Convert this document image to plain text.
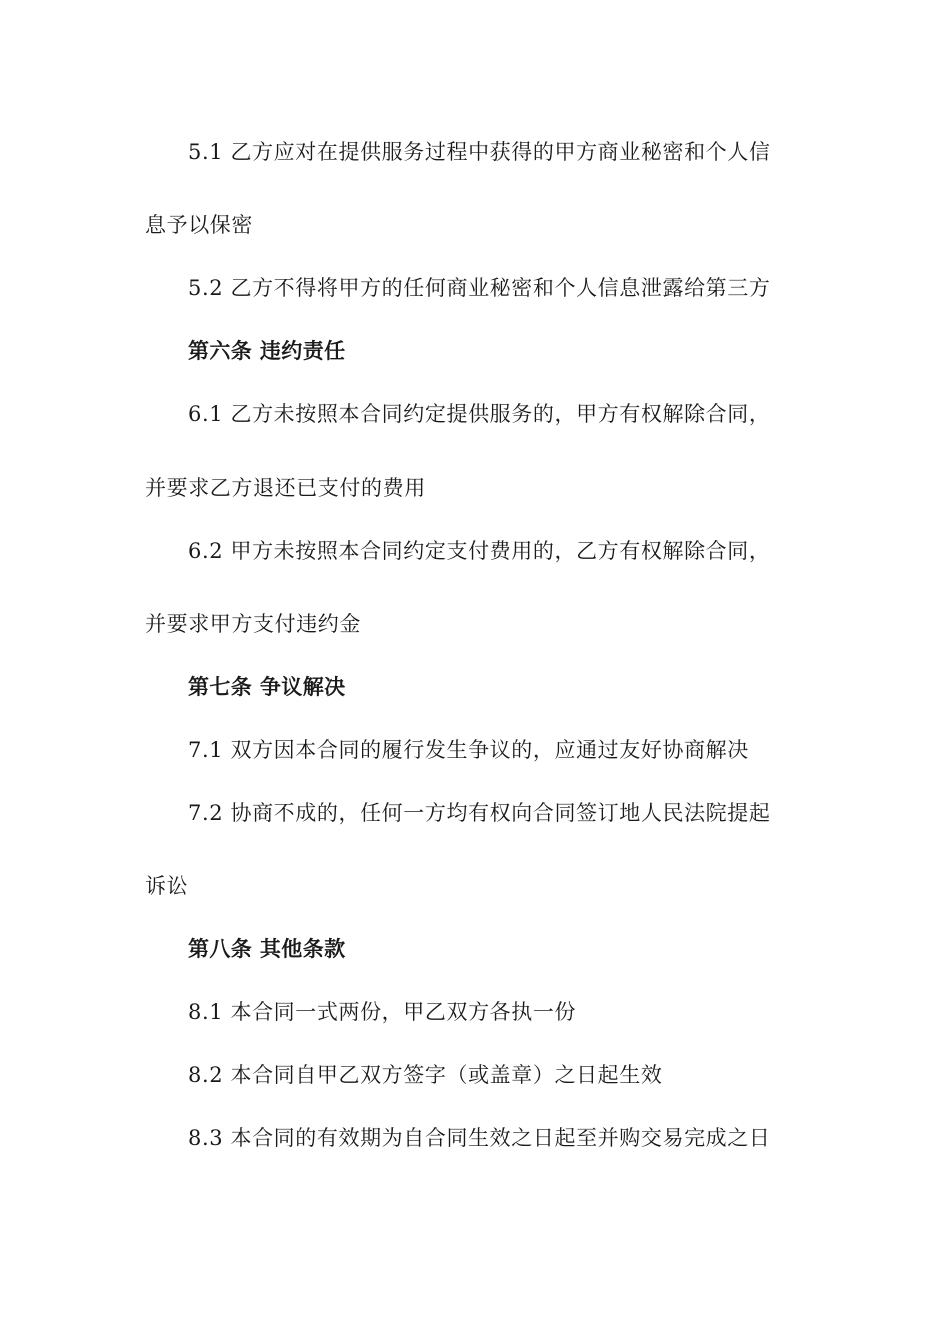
5.1 乙方应对在提供服务过程中获得的甲方商业秘密和个人信
息予以保密
5.2 乙方不得将甲方的任何商业秘密和个人信息泄露给第三方
第六条 违约责任
6.1 乙方未按照本合同约定提供服务的，甲方有权解除合同，
并要求乙方退还已支付的费用
6.2 甲方未按照本合同约定支付费用的，乙方有权解除合同，
并要求甲方支付违约金
第七条 争议解决
7.1 双方因本合同的履行发生争议的，应通过友好协商解决
7.2 协商不成的，任何一方均有权向合同签订地人民法院提起
诉讼
第八条 其他条款
8.1 本合同一式两份，甲乙双方各执一份
8.2 本合同自甲乙双方签字（或盖章）之日起生效
8.3 本合同的有效期为自合同生效之日起至并购交易完成之日
